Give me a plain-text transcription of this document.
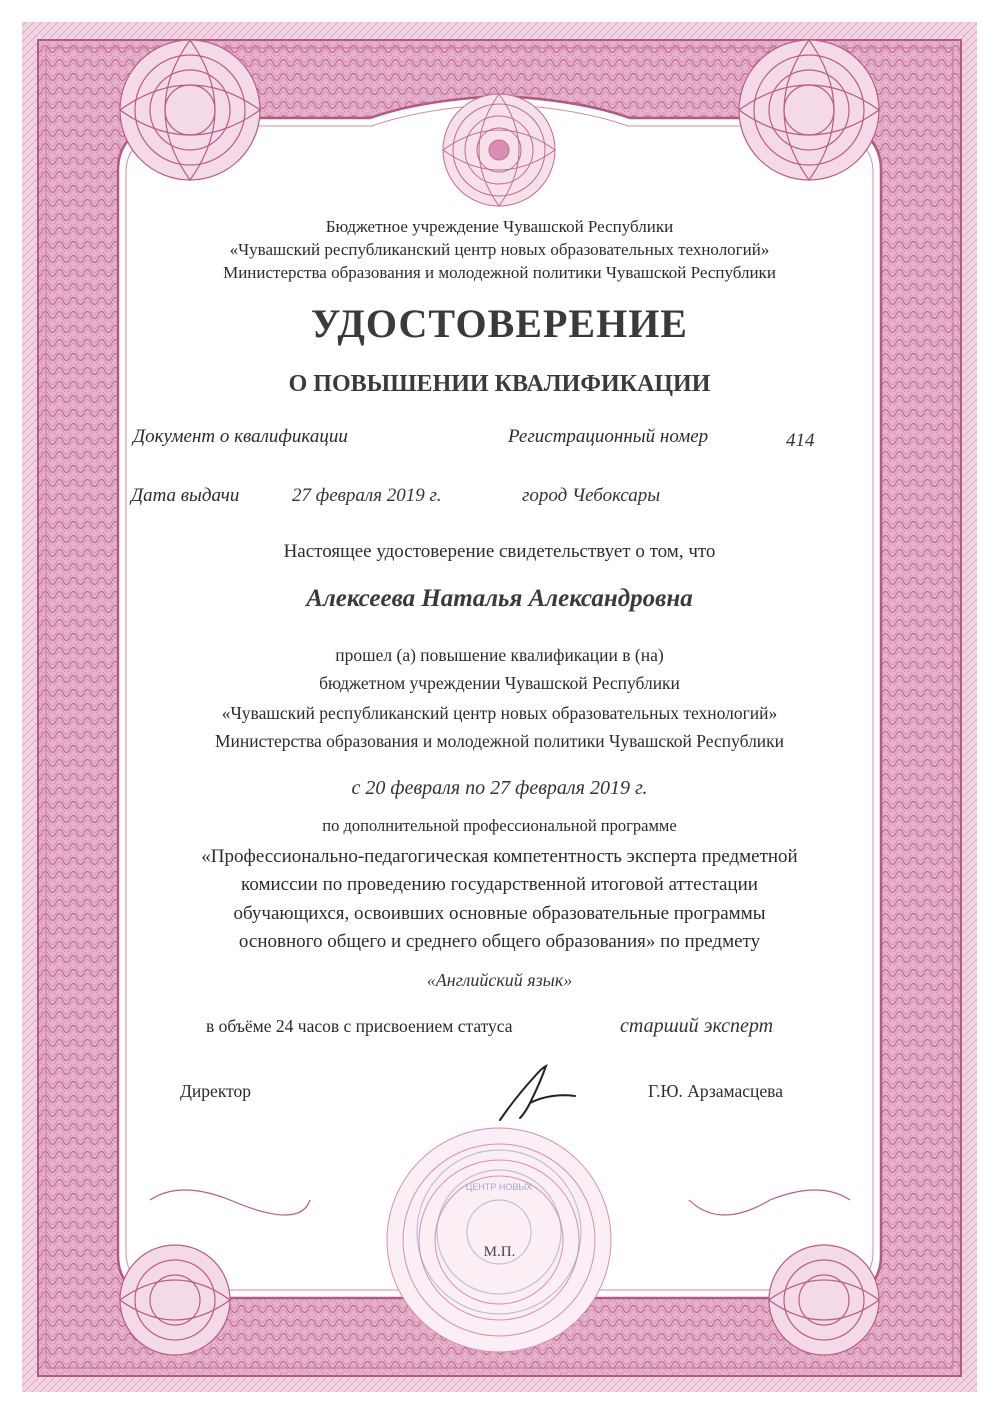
ЦЕНТР НОВЫХ
Бюджетное учреждение Чувашской Республики
«Чувашский республиканский центр новых образовательных технологий»
Министерства образования и молодежной политики Чувашской Республики
УДОСТОВЕРЕНИЕ
О ПОВЫШЕНИИ КВАЛИФИКАЦИИ
Документ о квалификации	Регистрационный номер	414
Дата выдачи	27 февраля 2019 г.	город Чебоксары
Настоящее удостоверение свидетельствует о том, что
Алексеева Наталья Александровна
прошел (а) повышение квалификации в (на)
бюджетном учреждении Чувашской Республики
«Чувашский республиканский центр новых образовательных технологий»
Министерства образования и молодежной политики Чувашской Республики
с 20 февраля по 27 февраля 2019 г.
по дополнительной профессиональной программе
«Профессионально-педагогическая компетентность эксперта предметной
комиссии по проведению государственной итоговой аттестации
обучающихся, освоивших основные образовательные программы
основного общего и среднего общего образования» по предмету
«Английский язык»
в объёме 24 часов с присвоением статуса	старший эксперт
Директор	Г.Ю. Арзамасцева
М.П.
